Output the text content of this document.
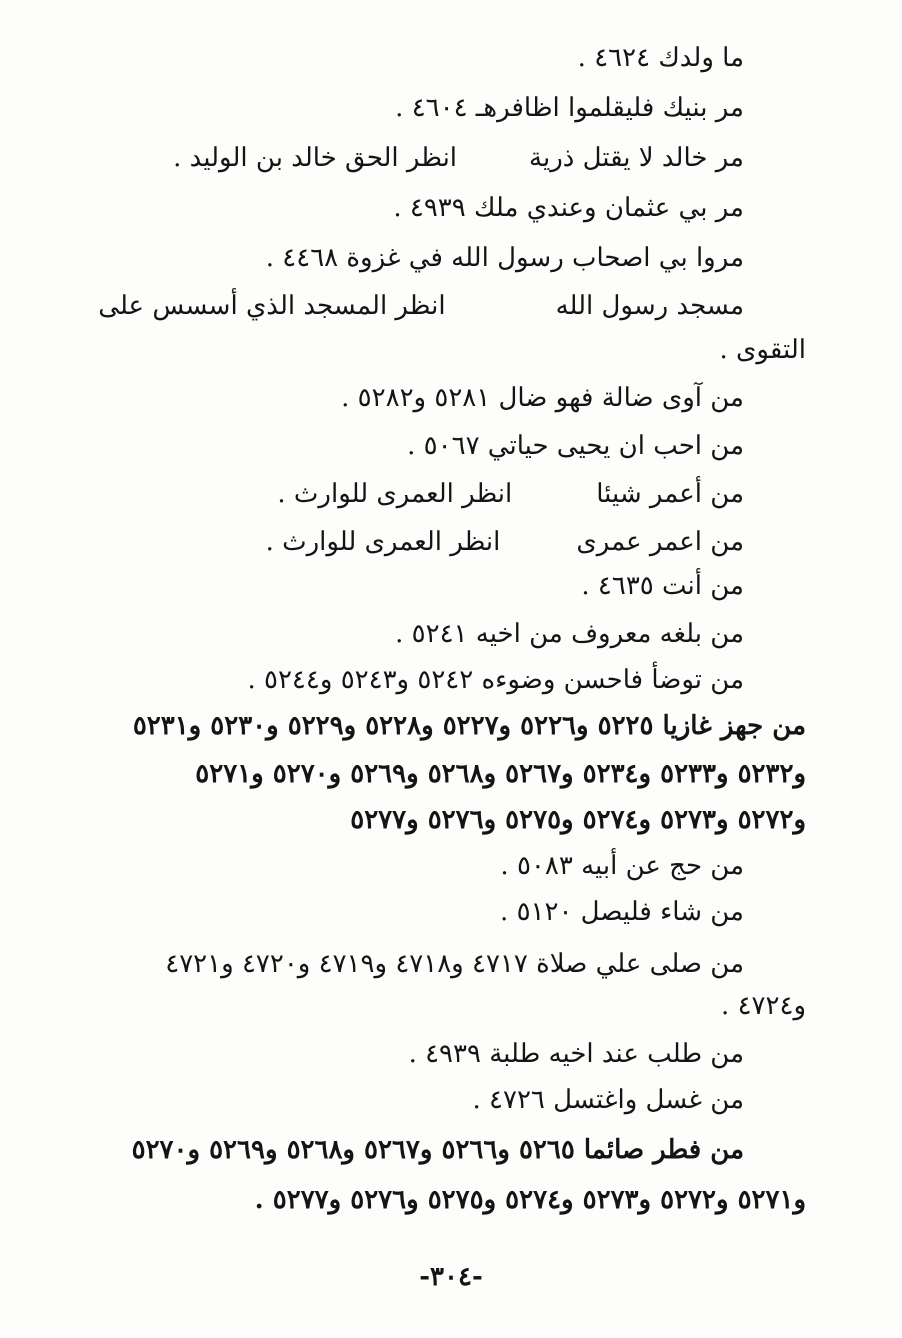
ما ولدك ٤٦٢٤ .
مر بنيك فليقلموا اظافرهـ ٤٦٠٤ .
مر خالد لا يقتل ذريةانظر الحق خالد بن الوليد .
مر بي عثمان وعندي ملك ٤٩٣٩ .
مروا بي اصحاب رسول الله في غزوة ٤٤٦٨ .
مسجد رسول اللهانظر المسجد الذي أسسس على
التقوى .
من آوى ضالة فهو ضال ٥٢٨١ و٥٢٨٢ .
من احب ان يحيى حياتي ٥٠٦٧ .
من أعمر شيئاانظر العمرى للوارث .
من اعمر عمرىانظر العمرى للوارث .
من أنت ٤٦٣٥ .
من بلغه معروف من اخيه ٥٢٤١ .
من توضأ فاحسن وضوءه ٥٢٤٢ و٥٢٤٣ و٥٢٤٤ .
من جهز غازيا ٥٢٢٥ و٥٢٢٦ و٥٢٢٧ و٥٢٢٨ و٥٢٢٩ و٥٢٣٠ و٥٢٣١
و٥٢٣٢ و٥٢٣٣ و٥٢٣٤ و٥٢٦٧ و٥٢٦٨ و٥٢٦٩ و٥٢٧٠ و٥٢٧١
و٥٢٧٢ و٥٢٧٣ و٥٢٧٤ و٥٢٧٥ و٥٢٧٦ و٥٢٧٧
من حج عن أبيه ٥٠٨٣ .
من شاء فليصل ٥١٢٠ .
من صلى علي صلاة ٤٧١٧ و٤٧١٨ و٤٧١٩ و٤٧٢٠ و٤٧٢١
و٤٧٢٤ .
من طلب عند اخيه طلبة ٤٩٣٩ .
من غسل واغتسل ٤٧٢٦ .
من فطر صائما ٥٢٦٥ و٥٢٦٦ و٥٢٦٧ و٥٢٦٨ و٥٢٦٩ و٥٢٧٠
و٥٢٧١ و٥٢٧٢ و٥٢٧٣ و٥٢٧٤ و٥٢٧٥ و٥٢٧٦ و٥٢٧٧ .
-٣٠٤-
